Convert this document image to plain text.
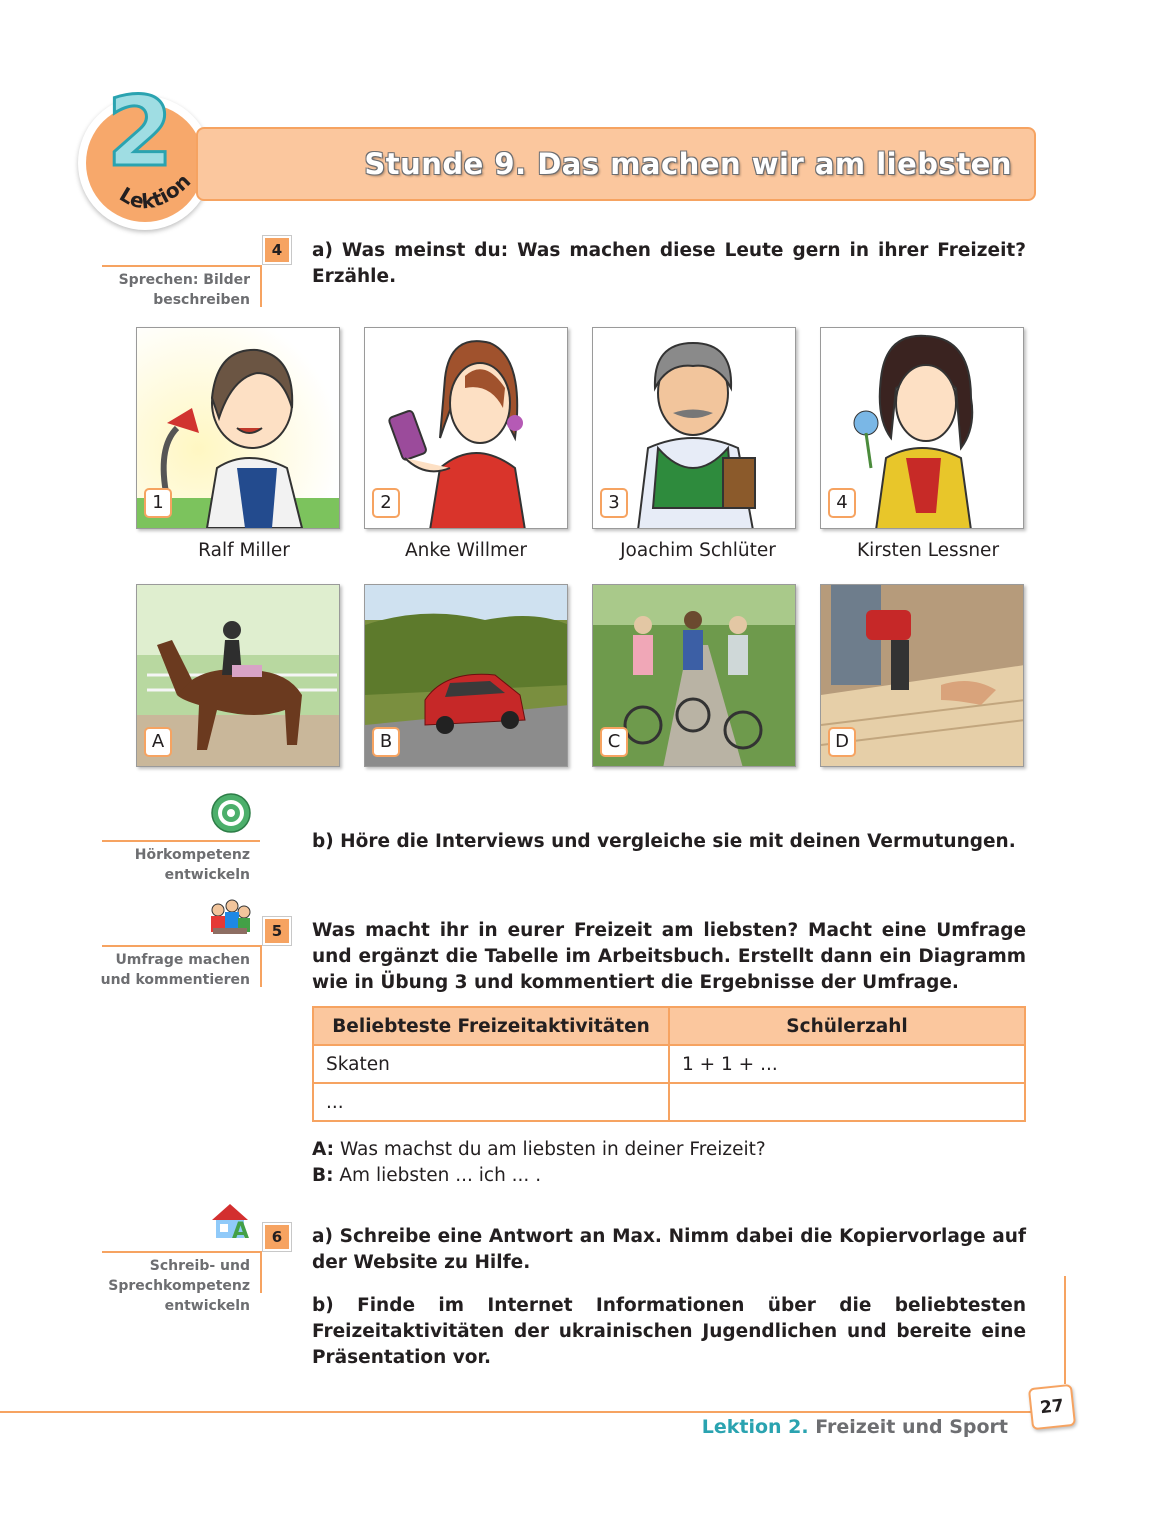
2
Lektion
Stunde 9. Das machen wir am liebsten
4
Sprechen: Bilder
beschreiben
a) Was meinst du: Was machen diese Leute gern in ihrer Freizeit? Erzähle.
1	2	3	4
Ralf Miller	Anke Willmer	Joachim Schlüter	Kirsten Lessner
A	B	C	D
Hörkompetenz
entwickeln
b) Höre die Interviews und vergleiche sie mit deinen Vermutungen.
5
Umfrage machen
und kommentieren
Was macht ihr in eurer Freizeit am liebsten? Macht eine Umfrage und ergänzt die Tabelle im Arbeitsbuch. Erstellt dann ein Diagramm wie in Übung 3 und kommentiert die Ergebnisse der Umfrage.
Beliebteste Freizeitaktivitäten	Schülerzahl
Skaten	1 + 1 + ...
...	
A: Was machst du am liebsten in deiner Freizeit?
B: Am liebsten ... ich ... .
A	6
Schreib- und
Sprechkompetenz
entwickeln
a) Schreibe eine Antwort an Max. Nimm dabei die Kopiervorlage auf der Website zu Hilfe.
b) Finde im Internet Informationen über die beliebtesten Freizeitaktivitäten der ukrainischen Jugendlichen und bereite eine Präsentation vor.
27
Lektion 2. Freizeit und Sport
